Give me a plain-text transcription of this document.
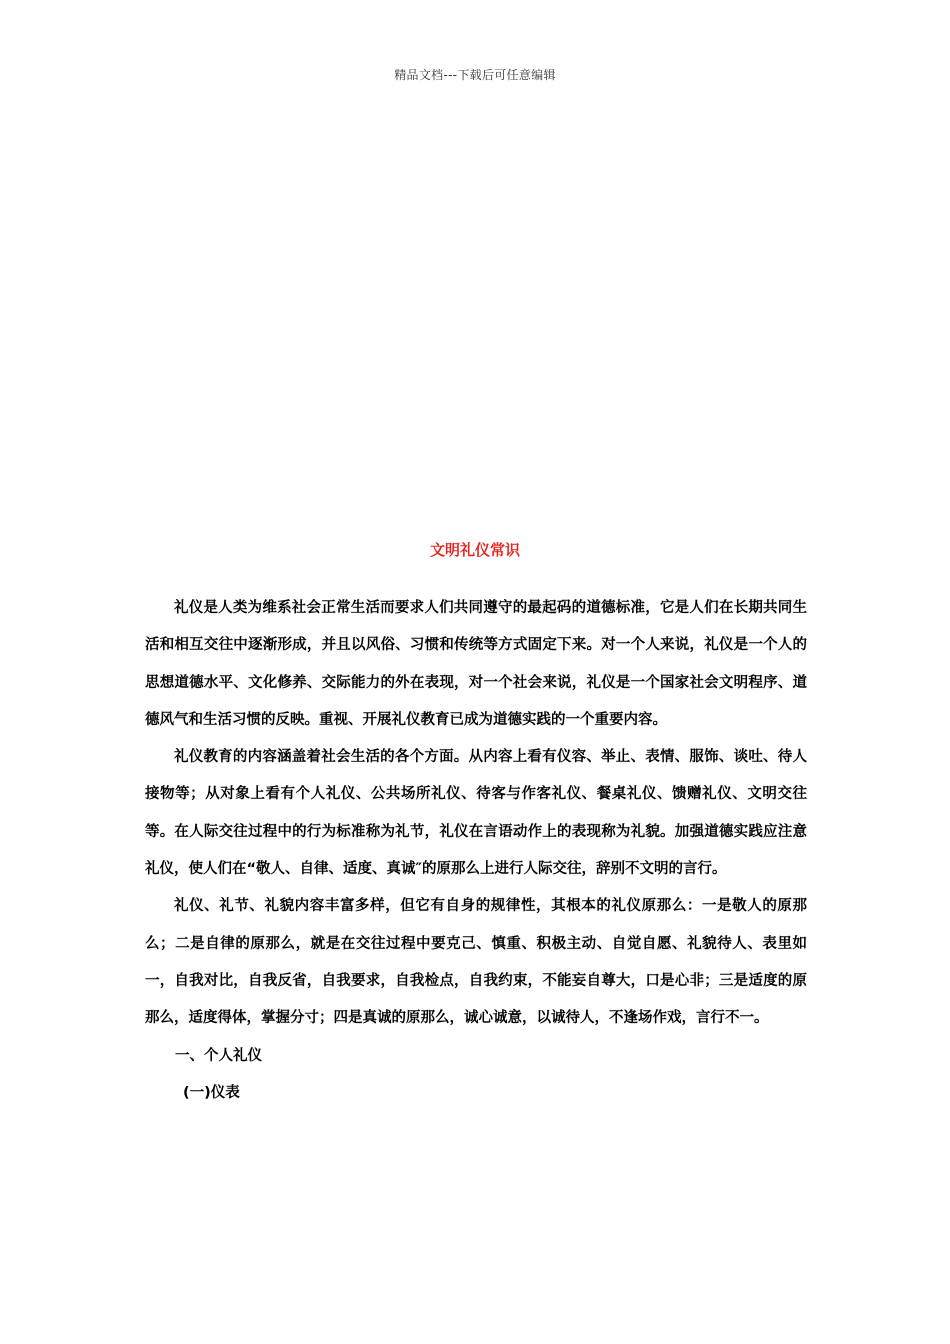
精品文档---下载后可任意编辑
文明礼仪常识

礼仪是人类为维系社会正常生活而要求人们共同遵守的最起码的道德标准，它是人们在长期共同生活和相互交往中逐渐形成，并且以风俗、习惯和传统等方式固定下来。对一个人来说，礼仪是一个人的思想道德水平、文化修养、交际能力的外在表现，对一个社会来说，礼仪是一个国家社会文明程序、道德风气和生活习惯的反映。重视、开展礼仪教育已成为道德实践的一个重要内容。

礼仪教育的内容涵盖着社会生活的各个方面。从内容上看有仪容、举止、表情、服饰、谈吐、待人接物等；从对象上看有个人礼仪、公共场所礼仪、待客与作客礼仪、餐桌礼仪、馈赠礼仪、文明交往等。在人际交往过程中的行为标准称为礼节，礼仪在言语动作上的表现称为礼貌。加强道德实践应注意礼仪，使人们在“敬人、自律、适度、真诚″的原那么上进行人际交往，辞别不文明的言行。

礼仪、礼节、礼貌内容丰富多样，但它有自身的规律性，其根本的礼仪原那么：一是敬人的原那么；二是自律的原那么，就是在交往过程中要克己、慎重、积极主动、自觉自愿、礼貌待人、表里如一，自我对比，自我反省，自我要求，自我检点，自我约束，不能妄自尊大，口是心非；三是适度的原那么，适度得体，掌握分寸；四是真诚的原那么，诚心诚意，以诚待人，不逢场作戏，言行不一。

一、个人礼仪

(一)仪表
